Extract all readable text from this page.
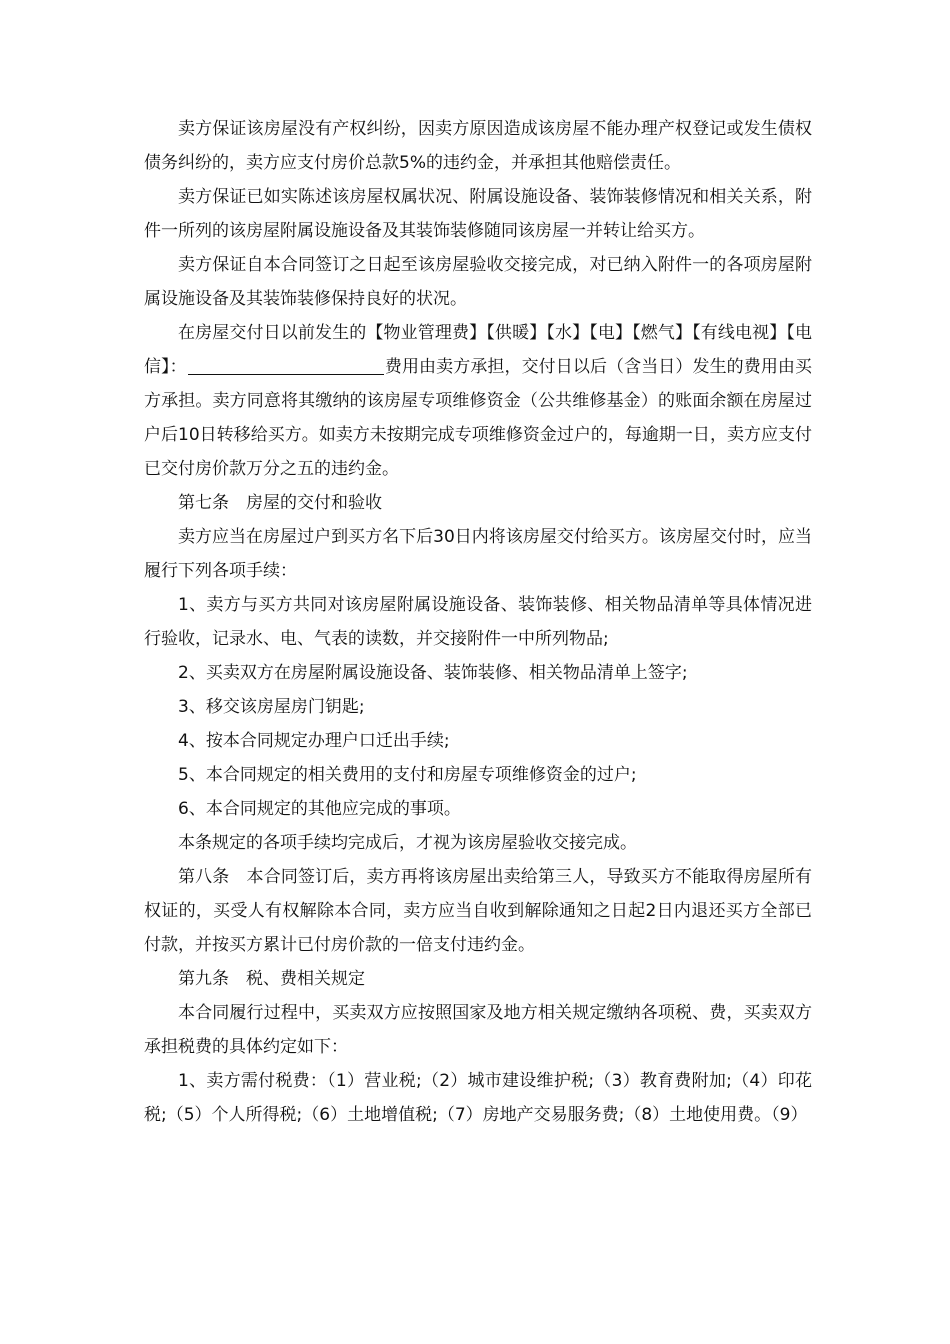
卖方保证该房屋没有产权纠纷，因卖方原因造成该房屋不能办理产权登记或发生债权债务纠纷的，卖方应支付房价总款5%的违约金，并承担其他赔偿责任。

卖方保证已如实陈述该房屋权属状况、附属设施设备、装饰装修情况和相关关系，附件一所列的该房屋附属设施设备及其装饰装修随同该房屋一并转让给买方。

卖方保证自本合同签订之日起至该房屋验收交接完成，对已纳入附件一的各项房屋附属设施设备及其装饰装修保持良好的状况。

在房屋交付日以前发生的【物业管理费】【供暖】【水】【电】【燃气】【有线电视】【电信】：	费用由卖方承担，交付日以后（含当日）发生的费用由买方承担。卖方同意将其缴纳的该房屋专项维修资金（公共维修基金）的账面余额在房屋过户后10日转移给买方。如卖方未按期完成专项维修资金过户的，每逾期一日，卖方应支付已交付房价款万分之五的违约金。

第七条　房屋的交付和验收

卖方应当在房屋过户到买方名下后30日内将该房屋交付给买方。该房屋交付时，应当履行下列各项手续：

1、卖方与买方共同对该房屋附属设施设备、装饰装修、相关物品清单等具体情况进行验收，记录水、电、气表的读数，并交接附件一中所列物品;

2、买卖双方在房屋附属设施设备、装饰装修、相关物品清单上签字;

3、移交该房屋房门钥匙;

4、按本合同规定办理户口迁出手续;

5、本合同规定的相关费用的支付和房屋专项维修资金的过户;

6、本合同规定的其他应完成的事项。

本条规定的各项手续均完成后，才视为该房屋验收交接完成。

第八条　本合同签订后，卖方再将该房屋出卖给第三人，导致买方不能取得房屋所有权证的，买受人有权解除本合同，卖方应当自收到解除通知之日起2日内退还买方全部已付款，并按买方累计已付房价款的一倍支付违约金。

第九条　税、费相关规定

本合同履行过程中，买卖双方应按照国家及地方相关规定缴纳各项税、费，买卖双方承担税费的具体约定如下：

1、卖方需付税费：（1）营业税;（2）城市建设维护税;（3）教育费附加;（4）印花税;（5）个人所得税;（6）土地增值税;（7）房地产交易服务费;（8）土地使用费。（9）
